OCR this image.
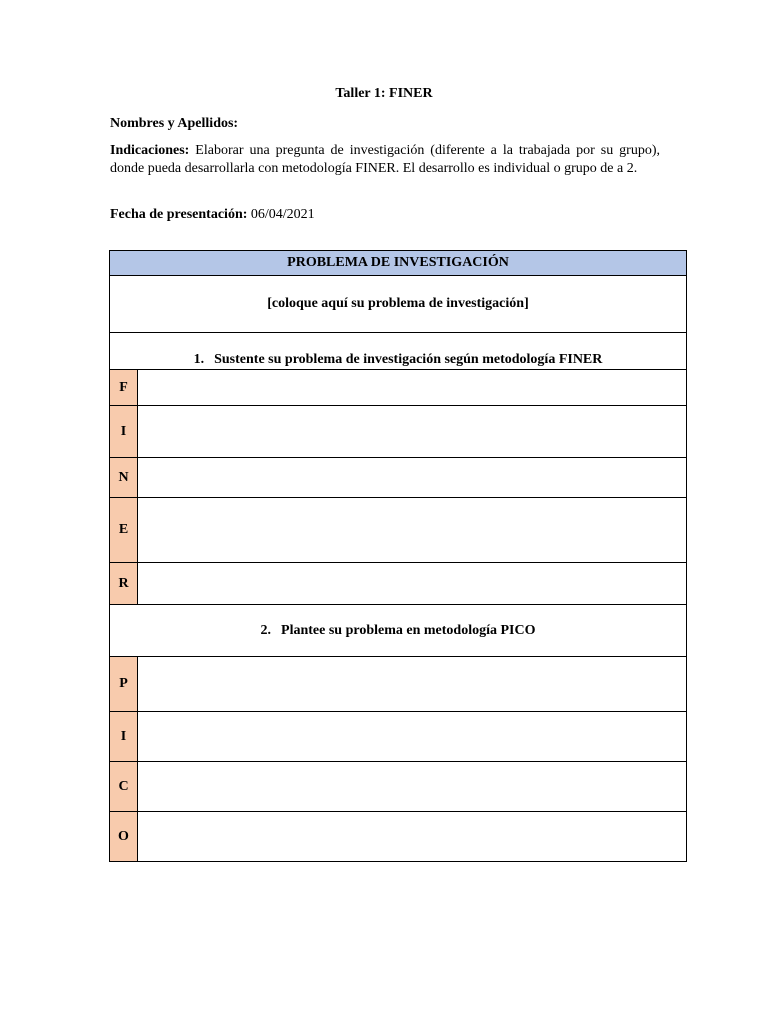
Taller 1: FINER
Nombres y Apellidos:
Indicaciones: Elaborar una pregunta de investigación (diferente a la trabajada por su grupo), donde pueda desarrollarla con metodología FINER. El desarrollo es individual o grupo de a 2.
Fecha de presentación: 06/04/2021
PROBLEMA DE INVESTIGACIÓN	
[coloque aquí su problema de investigación]	
1. Sustente su problema de investigación según metodología FINER	
F	
I	
N	
E	
R	
2. Plantee su problema en metodología PICO	
P	
I	
C	
O	
